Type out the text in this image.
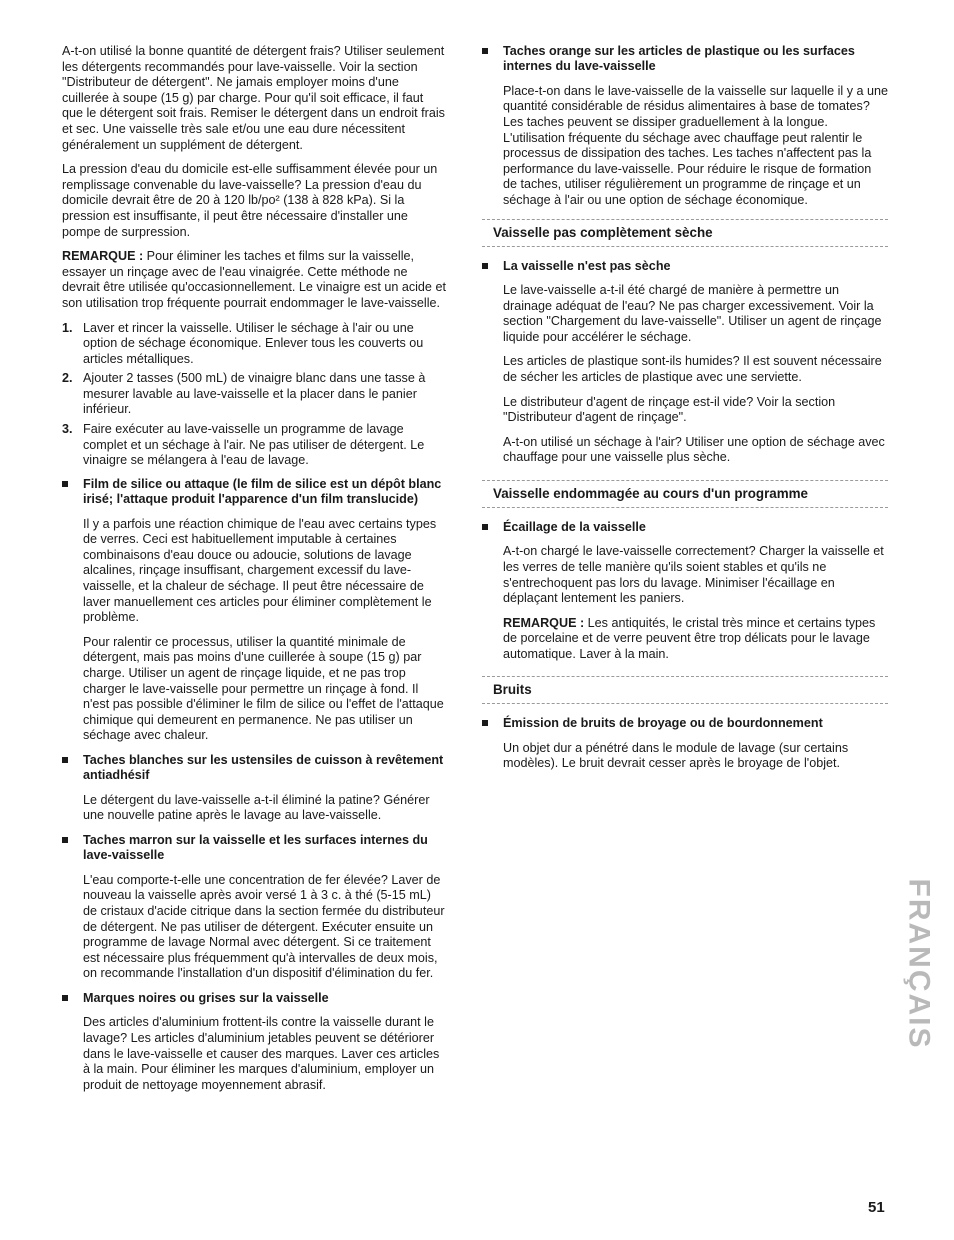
A-t-on utilisé la bonne quantité de détergent frais? Utiliser seulement les détergents recommandés pour lave-vaisselle. Voir la section "Distributeur de détergent". Ne jamais employer moins d'une cuillerée à soupe (15 g) par charge. Pour qu'il soit efficace, il faut que le détergent soit frais. Remiser le détergent dans un endroit frais et sec. Une vaisselle très sale et/ou une eau dure nécessitent généralement un supplément de détergent.

La pression d'eau du domicile est-elle suffisamment élevée pour un remplissage convenable du lave-vaisselle? La pression d'eau du domicile devrait être de 20 à 120 lb/po² (138 à 828 kPa). Si la pression est insuffisante, il peut être nécessaire d'installer une pompe de surpression.

REMARQUE : Pour éliminer les taches et films sur la vaisselle, essayer un rinçage avec de l'eau vinaigrée. Cette méthode ne devrait être utilisée qu'occasionnellement. Le vinaigre est un acide et son utilisation trop fréquente pourrait endommager le lave-vaisselle.

1. Laver et rincer la vaisselle. Utiliser le séchage à l'air ou une option de séchage économique. Enlever tous les couverts ou articles métalliques.
2. Ajouter 2 tasses (500 mL) de vinaigre blanc dans une tasse à mesurer lavable au lave-vaisselle et la placer dans le panier inférieur.
3. Faire exécuter au lave-vaisselle un programme de lavage complet et un séchage à l'air. Ne pas utiliser de détergent. Le vinaigre se mélangera à l'eau de lavage.
Film de silice ou attaque (le film de silice est un dépôt blanc irisé; l'attaque produit l'apparence d'un film translucide)

Il y a parfois une réaction chimique de l'eau avec certains types de verres. Ceci est habituellement imputable à certaines combinaisons d'eau douce ou adoucie, solutions de lavage alcalines, rinçage insuffisant, chargement excessif du lave-vaisselle, et la chaleur de séchage. Il peut être nécessaire de laver manuellement ces articles pour éliminer complètement le problème.

Pour ralentir ce processus, utiliser la quantité minimale de détergent, mais pas moins d'une cuillerée à soupe (15 g) par charge. Utiliser un agent de rinçage liquide, et ne pas trop charger le lave-vaisselle pour permettre un rinçage à fond. Il n'est pas possible d'éliminer le film de silice ou l'effet de l'attaque chimique qui demeurent en permanence. Ne pas utiliser un séchage avec chaleur.

Taches blanches sur les ustensiles de cuisson à revêtement antiadhésif

Le détergent du lave-vaisselle a-t-il éliminé la patine? Générer une nouvelle patine après le lavage au lave-vaisselle.

Taches marron sur la vaisselle et les surfaces internes du lave-vaisselle

L'eau comporte-t-elle une concentration de fer élevée? Laver de nouveau la vaisselle après avoir versé 1 à 3 c. à thé (5-15 mL) de cristaux d'acide citrique dans la section fermée du distributeur de détergent. Ne pas utiliser de détergent. Exécuter ensuite un programme de lavage Normal avec détergent. Si ce traitement est nécessaire plus fréquemment qu'à intervalles de deux mois, on recommande l'installation d'un dispositif d'élimination du fer.

Marques noires ou grises sur la vaisselle

Des articles d'aluminium frottent-ils contre la vaisselle durant le lavage? Les articles d'aluminium jetables peuvent se détériorer dans le lave-vaisselle et causer des marques. Laver ces articles à la main. Pour éliminer les marques d'aluminium, employer un produit de nettoyage moyennement abrasif.

Taches orange sur les articles de plastique ou les surfaces internes du lave-vaisselle

Place-t-on dans le lave-vaisselle de la vaisselle sur laquelle il y a une quantité considérable de résidus alimentaires à base de tomates? Les taches peuvent se dissiper graduellement à la longue. L'utilisation fréquente du séchage avec chauffage peut ralentir le processus de dissipation des taches. Les taches n'affectent pas la performance du lave-vaisselle. Pour réduire le risque de formation de taches, utiliser régulièrement un programme de rinçage et un séchage à l'air ou une option de séchage économique.

Vaisselle pas complètement sèche
La vaisselle n'est pas sèche

Le lave-vaisselle a-t-il été chargé de manière à permettre un drainage adéquat de l'eau? Ne pas charger excessivement. Voir la section "Chargement du lave-vaisselle". Utiliser un agent de rinçage liquide pour accélérer le séchage.

Les articles de plastique sont-ils humides? Il est souvent nécessaire de sécher les articles de plastique avec une serviette.

Le distributeur d'agent de rinçage est-il vide? Voir la section "Distributeur d'agent de rinçage".

A-t-on utilisé un séchage à l'air? Utiliser une option de séchage avec chauffage pour une vaisselle plus sèche.

Vaisselle endommagée au cours d'un programme
Écaillage de la vaisselle

A-t-on chargé le lave-vaisselle correctement? Charger la vaisselle et les verres de telle manière qu'ils soient stables et qu'ils ne s'entrechoquent pas lors du lavage. Minimiser l'écaillage en déplaçant lentement les paniers.

REMARQUE : Les antiquités, le cristal très mince et certains types de porcelaine et de verre peuvent être trop délicats pour le lavage automatique. Laver à la main.

Bruits
Émission de bruits de broyage ou de bourdonnement

Un objet dur a pénétré dans le module de lavage (sur certains modèles). Le bruit devrait cesser après le broyage de l'objet.

FRANÇAIS
51
